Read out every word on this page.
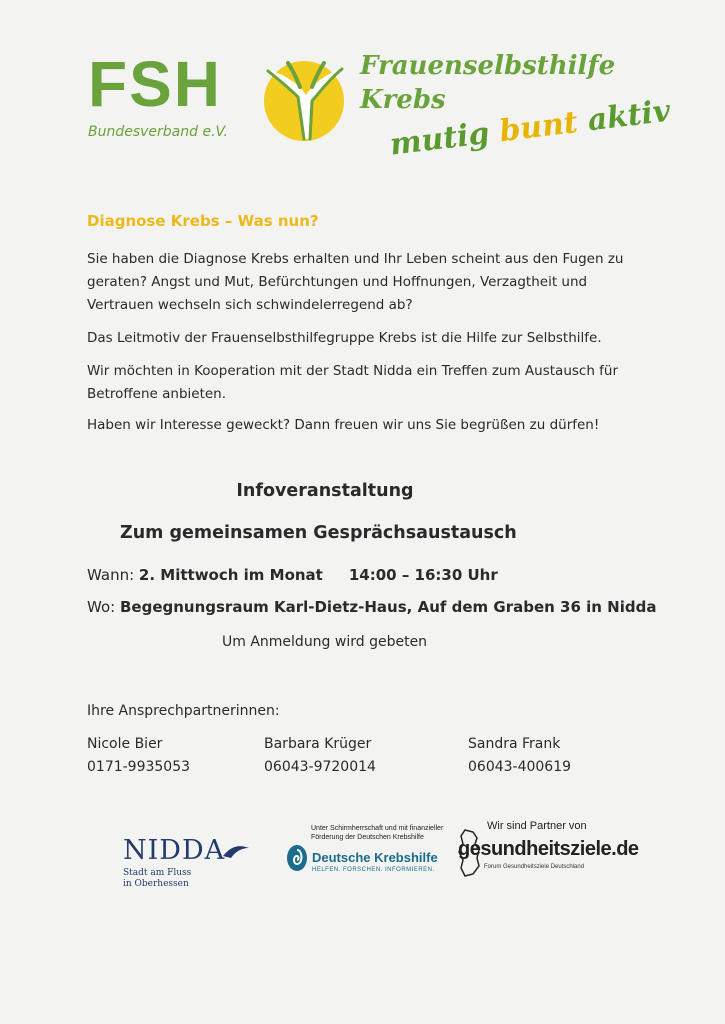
FSH
Bundesverband e.V.
Frauenselbsthilfe
Krebs
mutig bunt aktiv
Diagnose Krebs – Was nun?
Sie haben die Diagnose Krebs erhalten und Ihr Leben scheint aus den Fugen zu geraten? Angst und Mut, Befürchtungen und Hoffnungen, Verzagtheit und Vertrauen wechseln sich schwindelerregend ab?
Das Leitmotiv der Frauenselbsthilfegruppe Krebs ist die Hilfe zur Selbsthilfe.
Wir möchten in Kooperation mit der Stadt Nidda ein Treffen zum Austausch für Betroffene anbieten.
Haben wir Interesse geweckt? Dann freuen wir uns Sie begrüßen zu dürfen!
Infoveranstaltung
Zum gemeinsamen Gesprächsaustausch
Wann: 2. Mittwoch im Monat 14:00 – 16:30 Uhr
Wo: Begegnungsraum Karl-Dietz-Haus, Auf dem Graben 36 in Nidda
Um Anmeldung wird gebeten
Ihre Ansprechpartnerinnen:
Nicole Bier
0171-9935053
Barbara Krüger
06043-9720014
Sandra Frank
06043-400619
NIDDA
Stadt am Fluss
in Oberhessen
Unter Schirmherrschaft und mit finanzieller
Förderung der Deutschen Krebshilfe
Deutsche Krebshilfe
HELFEN. FORSCHEN. INFORMIEREN.
Wir sind Partner von
gesundheitsziele.de
Forum Gesundheitsziele Deutschland
